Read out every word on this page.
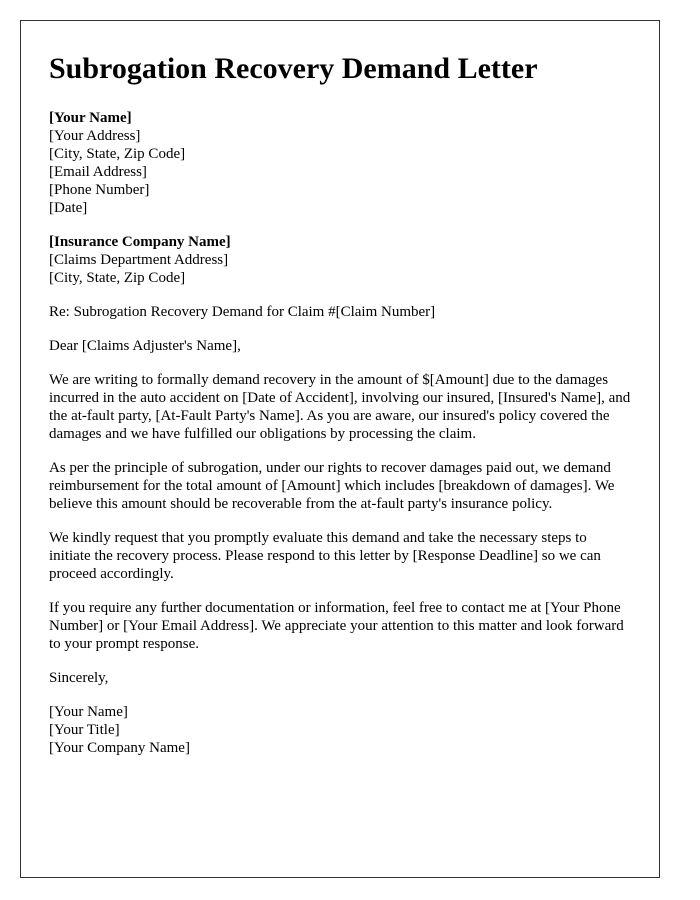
Subrogation Recovery Demand Letter
[Your Name]
[Your Address]
[City, State, Zip Code]
[Email Address]
[Phone Number]
[Date]
[Insurance Company Name]
[Claims Department Address]
[City, State, Zip Code]

Re: Subrogation Recovery Demand for Claim #[Claim Number]

Dear [Claims Adjuster's Name],

We are writing to formally demand recovery in the amount of $[Amount] due to the damages incurred in the auto accident on [Date of Accident], involving our insured, [Insured's Name], and the at-fault party, [At-Fault Party's Name]. As you are aware, our insured's policy covered the damages and we have fulfilled our obligations by processing the claim.

As per the principle of subrogation, under our rights to recover damages paid out, we demand reimbursement for the total amount of [Amount] which includes [breakdown of damages]. We believe this amount should be recoverable from the at-fault party's insurance policy.

We kindly request that you promptly evaluate this demand and take the necessary steps to initiate the recovery process. Please respond to this letter by [Response Deadline] so we can proceed accordingly.

If you require any further documentation or information, feel free to contact me at [Your Phone Number] or [Your Email Address]. We appreciate your attention to this matter and look forward to your prompt response.

Sincerely,

[Your Name]
[Your Title]
[Your Company Name]
